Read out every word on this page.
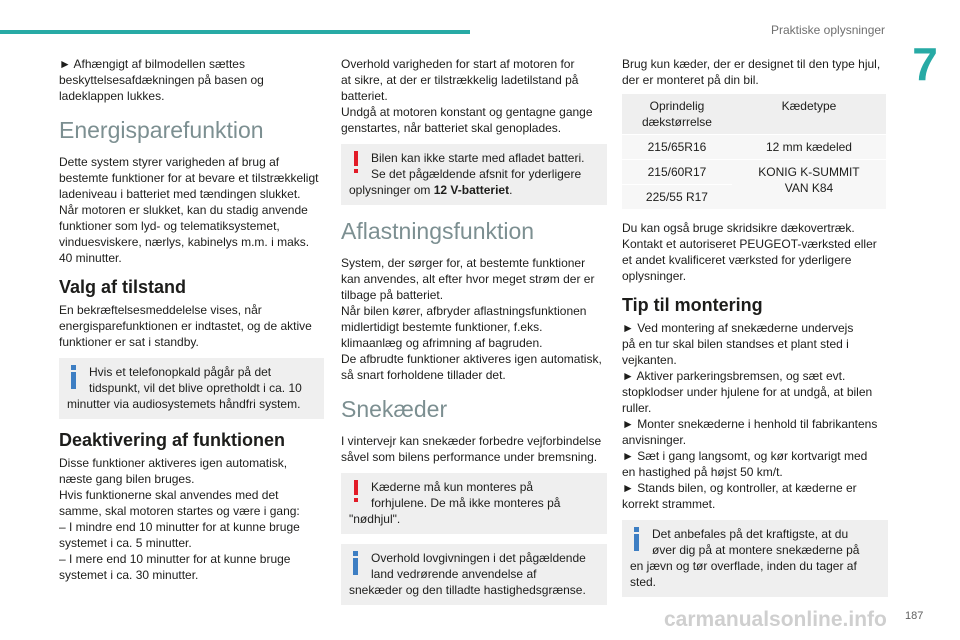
Praktiske oplysninger
7

► Afhængigt af bilmodellen sættes
beskyttelsesafdækningen på basen og
ladeklappen lukkes.

Energisparefunktion

Dette system styrer varigheden af brug af
bestemte funktioner for at bevare et tilstrækkeligt
ladeniveau i batteriet med tændingen slukket.
Når motoren er slukket, kan du stadig anvende
funktioner som lyd- og telematiksystemet,
vinduesviskere, nærlys, kabinelys m.m. i maks.
40 minutter.

Valg af tilstand

En bekræftelsesmeddelelse vises, når
energisparefunktionen er indtastet, og de aktive
funktioner er sat i standby.

Hvis et telefonopkald pågår på det
tidspunkt, vil det blive opretholdt i ca. 10
minutter via audiosystemets håndfri system.
Deaktivering af funktionen

Disse funktioner aktiveres igen automatisk,
næste gang bilen bruges.
Hvis funktionerne skal anvendes med det
samme, skal motoren startes og være i gang:
– I mindre end 10 minutter for at kunne bruge
systemet i ca. 5 minutter.
– I mere end 10 minutter for at kunne bruge
systemet i ca. 30 minutter.

Overhold varigheden for start af motoren for
at sikre, at der er tilstrækkelig ladetilstand på
batteriet.
Undgå at motoren konstant og gentagne gange
genstartes, når batteriet skal genoplades.

Bilen kan ikke starte med afladet batteri.
Se det pågældende afsnit for yderligere
oplysninger om 12 V-batteriet.
Aflastningsfunktion

System, der sørger for, at bestemte funktioner
kan anvendes, alt efter hvor meget strøm der er
tilbage på batteriet.
Når bilen kører, afbryder aflastningsfunktionen
midlertidigt bestemte funktioner, f.eks.
klimaanlæg og afrimning af bagruden.
De afbrudte funktioner aktiveres igen automatisk,
så snart forholdene tillader det.

Snekæder

I vintervejr kan snekæder forbedre vejforbindelse
såvel som bilens performance under bremsning.

Kæderne må kun monteres på
forhjulene. De må ikke monteres på
"nødhjul".
Overhold lovgivningen i det pågældende
land vedrørende anvendelse af
snekæder og den tilladte hastighedsgrænse.

Brug kun kæder, der er designet til den type hjul,
der er monteret på din bil.

Oprindelig
dækstørrelse	Kædetype
215/65R16	12 mm kædeled
215/60R17	KONIG K-SUMMIT
VAN K84

225/55 R17	

Du kan også bruge skridsikre dækovertræk.
Kontakt et autoriseret PEUGEOT-værksted eller
et andet kvalificeret værksted for yderligere
oplysninger.

Tip til montering

► Ved montering af snekæderne undervejs
på en tur skal bilen standses et plant sted i
vejkanten.
► Aktiver parkeringsbremsen, og sæt evt.
stopklodser under hjulene for at undgå, at bilen
ruller.
► Monter snekæderne i henhold til fabrikantens
anvisninger.
► Sæt i gang langsomt, og kør kortvarigt med
en hastighed på højst 50 km/t.
► Stands bilen, og kontroller, at kæderne er
korrekt strammet.

Det anbefales på det kraftigste, at du
øver dig på at montere snekæderne på
en jævn og tør overflade, inden du tager af
sted.
carmanualsonline.info 187
